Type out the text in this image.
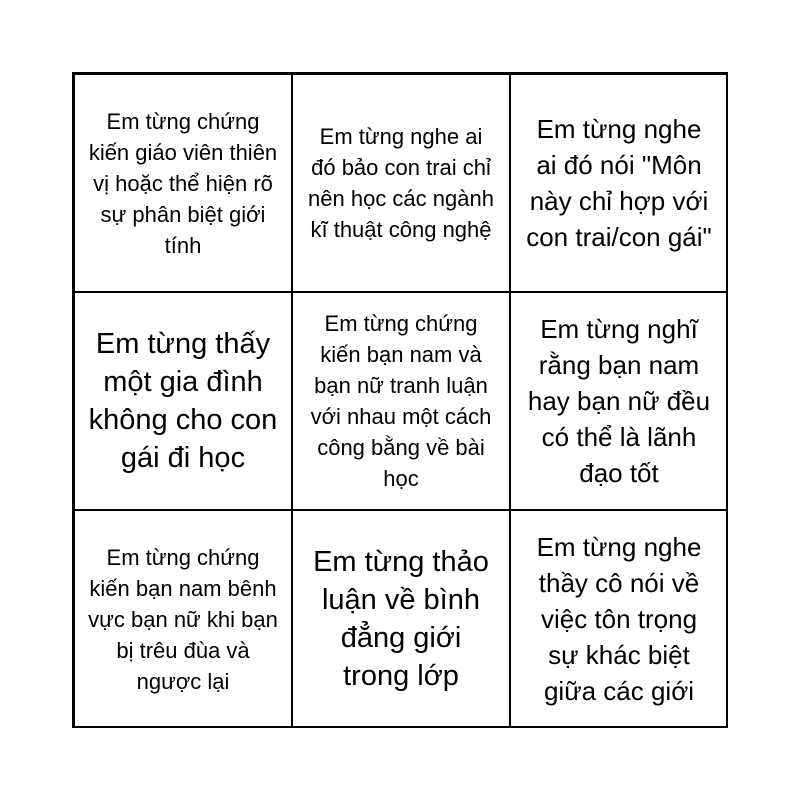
Em từng chứng kiến giáo viên thiên vị hoặc thể hiện rõ sự phân biệt giới tính
Em từng nghe ai đó bảo con trai chỉ nên học các ngành kĩ thuật công nghệ
Em từng nghe ai đó nói "Môn này chỉ hợp với con trai/con gái"
Em từng thấy một gia đình không cho con gái đi học
Em từng chứng kiến bạn nam và bạn nữ tranh luận với nhau một cách công bằng về bài học
Em từng nghĩ rằng bạn nam hay bạn nữ đều có thể là lãnh đạo tốt
Em từng chứng kiến bạn nam bênh vực bạn nữ khi bạn bị trêu đùa và ngược lại
Em từng thảo luận về bình đẳng giới trong lớp
Em từng nghe thầy cô nói về việc tôn trọng sự khác biệt giữa các giới
